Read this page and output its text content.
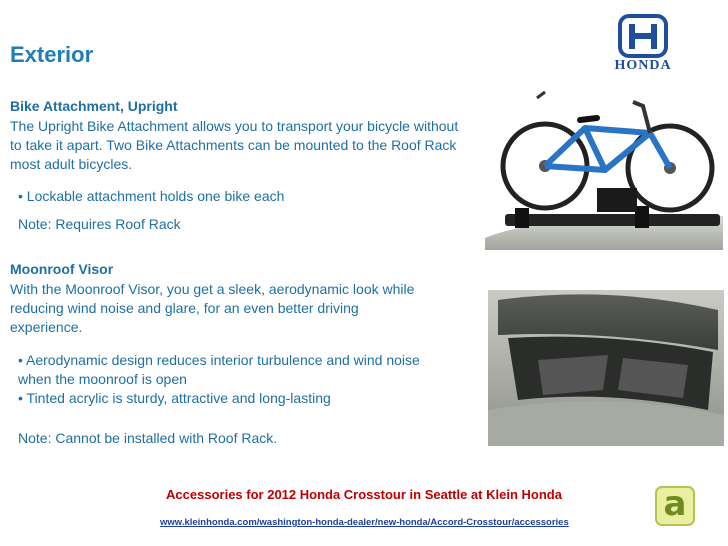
Exterior	HONDA
Bike Attachment, Upright
The Upright Bike Attachment allows you to transport your bicycle without
to take it apart. Two Bike Attachments can be mounted to the Roof Rack
most adult bicycles.
• Lockable attachment holds one bike each
Note: Requires Roof Rack
Moonroof Visor
With the Moonroof Visor, you get a sleek, aerodynamic look while
reducing wind noise and glare, for an even better driving
experience.
• Aerodynamic design reduces interior turbulence and wind noise
when the moonroof is open
• Tinted acrylic is sturdy, attractive and long-lasting
Note: Cannot be installed with Roof Rack.
Accessories for 2012 Honda Crosstour in Seattle at Klein Honda
www.kleinhonda.com/washington-honda-dealer/new-honda/Accord-Crosstour/accessories	a
